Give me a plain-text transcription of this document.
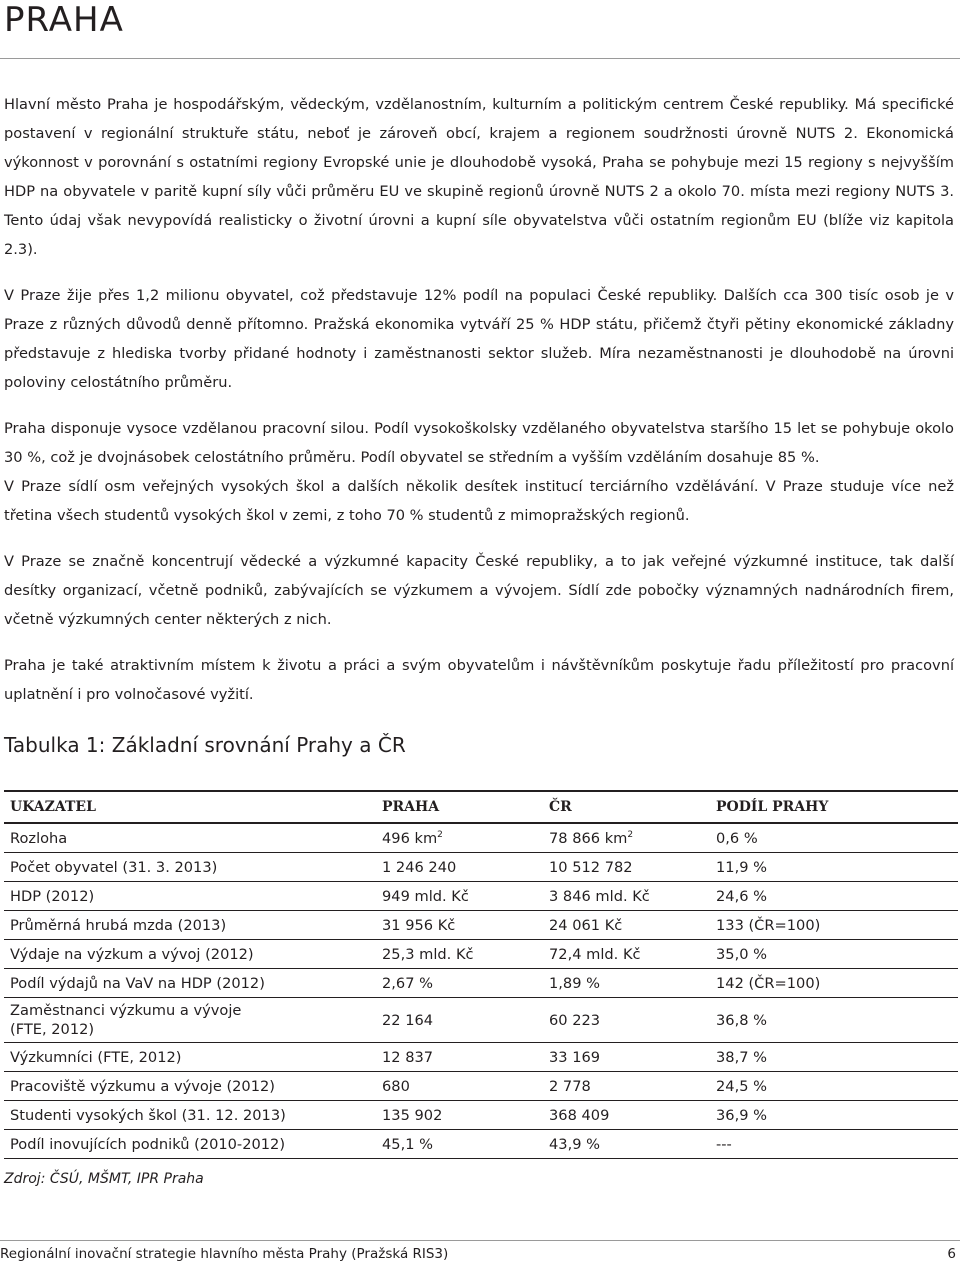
PRAHA

Hlavní město Praha je hospodářským, vědeckým, vzdělanostním, kulturním a politickým centrem České republiky. Má specifické postavení v regionální struktuře státu, neboť je zároveň obcí, krajem a regionem soudržnosti úrovně NUTS 2. Ekonomická výkonnost v porovnání s ostatními regiony Evropské unie je dlouhodobě vysoká, Praha se pohybuje mezi 15 regiony s nejvyšším HDP na obyvatele v paritě kupní síly vůči průměru EU ve skupině regionů úrovně NUTS 2 a okolo 70. místa mezi regiony NUTS 3. Tento údaj však nevypovídá realisticky o životní úrovni a kupní síle obyvatelstva vůči ostatním regionům EU (blíže viz kapitola 2.3).

V Praze žije přes 1,2 milionu obyvatel, což představuje 12% podíl na populaci České republiky. Dalších cca 300 tisíc osob je v Praze z různých důvodů denně přítomno. Pražská ekonomika vytváří 25 % HDP státu, přičemž čtyři pětiny ekonomické základny představuje z hlediska tvorby přidané hodnoty i zaměstnanosti sektor služeb. Míra nezaměstnanosti je dlouhodobě na úrovni poloviny celostátního průměru.

Praha disponuje vysoce vzdělanou pracovní silou. Podíl vysokoškolsky vzdělaného obyvatelstva staršího 15 let se pohybuje okolo 30 %, což je dvojnásobek celostátního průměru. Podíl obyvatel se středním a vyšším vzděláním dosahuje 85 %.

V Praze sídlí osm veřejných vysokých škol a dalších několik desítek institucí terciárního vzdělávání. V Praze studuje více než třetina všech studentů vysokých škol v zemi, z toho 70 % studentů z mimopražských regionů.

V Praze se značně koncentrují vědecké a výzkumné kapacity České republiky, a to jak veřejné výzkumné instituce, tak další desítky organizací, včetně podniků, zabývajících se výzkumem a vývojem. Sídlí zde pobočky významných nadnárodních firem, včetně výzkumných center některých z nich.

Praha je také atraktivním místem k životu a práci a svým obyvatelům i návštěvníkům poskytuje řadu příležitostí pro pracovní uplatnění i pro volnočasové vyžití.

Tabulka 1: Základní srovnání Prahy a ČR
UKAZATEL	PRAHA	ČR	PODÍL PRAHY
Rozloha	496 $km^2$	78 866 $km^2$	0,6 %
Počet obyvatel (31. 3. 2013)	1 246 240	10 512 782	11,9 %
HDP (2012)	949 mld. Kč	3 846 mld. Kč	24,6 %
Průměrná hrubá mzda (2013)	31 956 Kč	24 061 Kč	133 (ČR=100)
Výdaje na výzkum a vývoj (2012)	25,3 mld. Kč	72,4 mld. Kč	35,0 %
Podíl výdajů na VaV na HDP (2012)	2,67 %	1,89 %	142 (ČR=100)
Zaměstnanci výzkumu a vývoje
(FTE, 2012)	22 164	60 223	36,8 %
Výzkumníci (FTE, 2012)	12 837	33 169	38,7 %
Pracoviště výzkumu a vývoje (2012)	680	2 778	24,5 %
Studenti vysokých škol (31. 12. 2013)	135 902	368 409	36,9 %
Podíl inovujících podniků (2010-2012)	45,1 %	43,9 %	---
Zdroj: ČSÚ, MŠMT, IPR Praha
Regionální inovační strategie hlavního města Prahy (Pražská RIS3)	6
